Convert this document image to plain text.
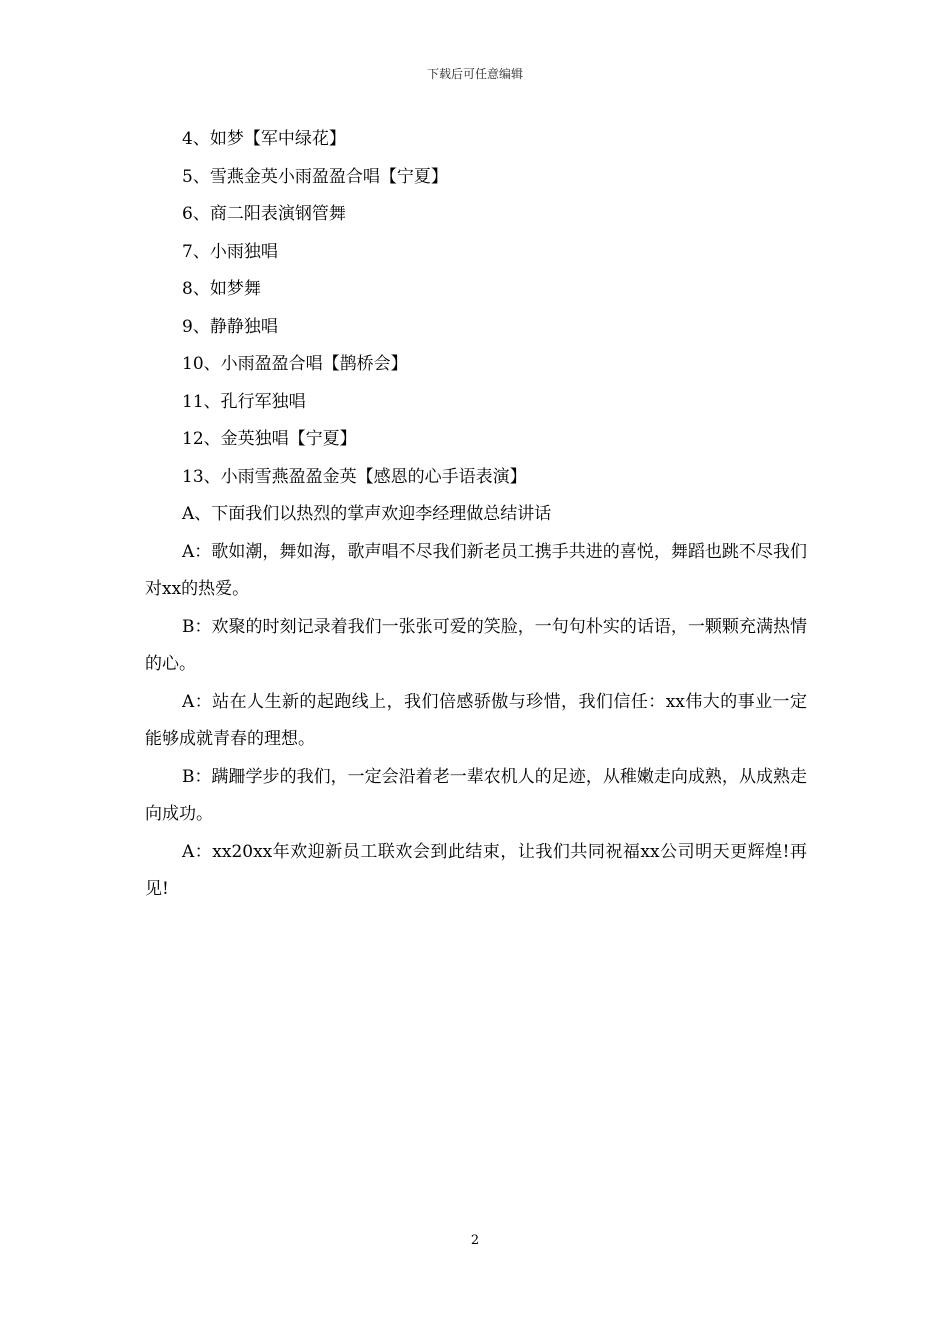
下载后可任意编辑
4、如梦【军中绿花】
5、雪燕金英小雨盈盈合唱【宁夏】
6、商二阳表演钢管舞
7、小雨独唱
8、如梦舞
9、静静独唱
10、小雨盈盈合唱【鹊桥会】
11、孔行军独唱
12、金英独唱【宁夏】
13、小雨雪燕盈盈金英【感恩的心手语表演】
A、下面我们以热烈的掌声欢迎李经理做总结讲话
A：歌如潮，舞如海，歌声唱不尽我们新老员工携手共进的喜悦，舞蹈也跳不尽我们对xx的热爱。
B：欢聚的时刻记录着我们一张张可爱的笑脸，一句句朴实的话语，一颗颗充满热情的心。
A：站在人生新的起跑线上，我们倍感骄傲与珍惜，我们信任：xx伟大的事业一定能够成就青春的理想。
B：蹒跚学步的我们，一定会沿着老一辈农机人的足迹，从稚嫩走向成熟，从成熟走向成功。
A：xx20xx年欢迎新员工联欢会到此结束，让我们共同祝福xx公司明天更辉煌!再见!
2
